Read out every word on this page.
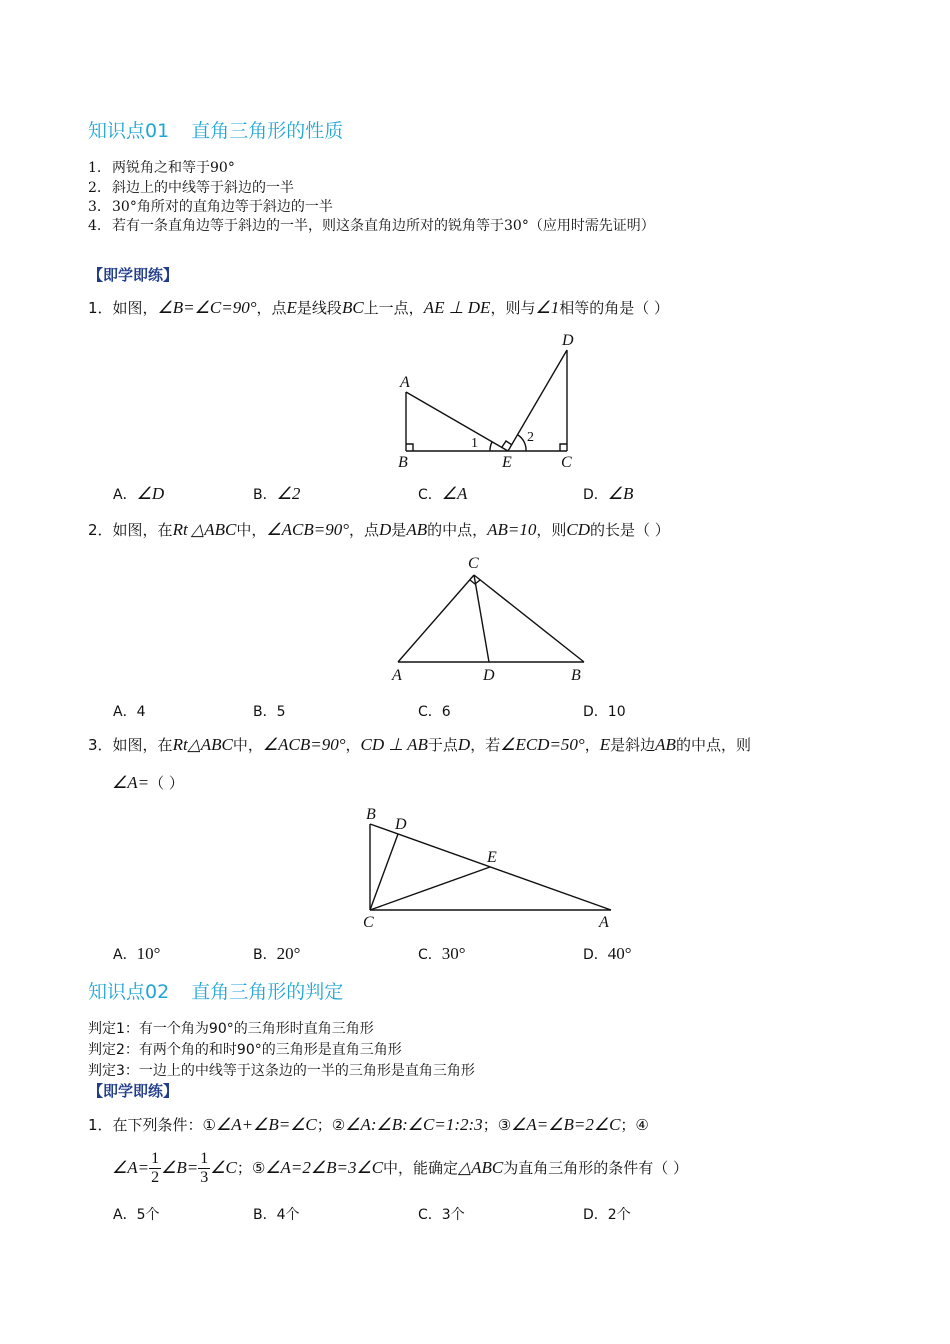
知识点01 直角三角形的性质
1. 两锐角之和等于90°
2. 斜边上的中线等于斜边的一半
3. 30°角所对的直角边等于斜边的一半
4. 若有一条直角边等于斜边的一半，则这条直角边所对的锐角等于30°（应用时需先证明）
【即学即练】
1．如图，∠B=∠C=90°，点E是线段BC上一点，AE ⊥ DE，则与∠1相等的角是（ ）
A
B	E	C
D
1	2
A．∠D	B．∠2	C．∠A	D．∠B
2．如图，在Rt △ABC中，∠ACB=90°，点D是AB的中点，AB=10，则CD的长是（ ）
C
A	D	B
A．4	B．5	C．6	D．10
3．如图，在Rt△ABC中，∠ACB=90°，CD ⊥ AB于点D，若∠ECD=50°，E是斜边AB的中点，则
∠A=（ ）
B
D
E
C	A
A．10°	B．20°	C．30°	D．40°
知识点02 直角三角形的判定
判定1：有一个角为90°的三角形时直角三角形
判定2：有两个角的和时90°的三角形是直角三角形
判定3：一边上的中线等于这条边的一半的三角形是直角三角形
【即学即练】
1．在下列条件：①∠A+∠B=∠C；②∠A:∠B:∠C=1:2:3；③∠A=∠B=2∠C；④
∠A= $\frac{1}{2}$ ∠B= $\frac{1}{3}$ ∠C；⑤∠A=2∠B=3∠C中，能确定△ABC为直角三角形的条件有（ ）
A．5个	B．4个	C．3个	D．2个
